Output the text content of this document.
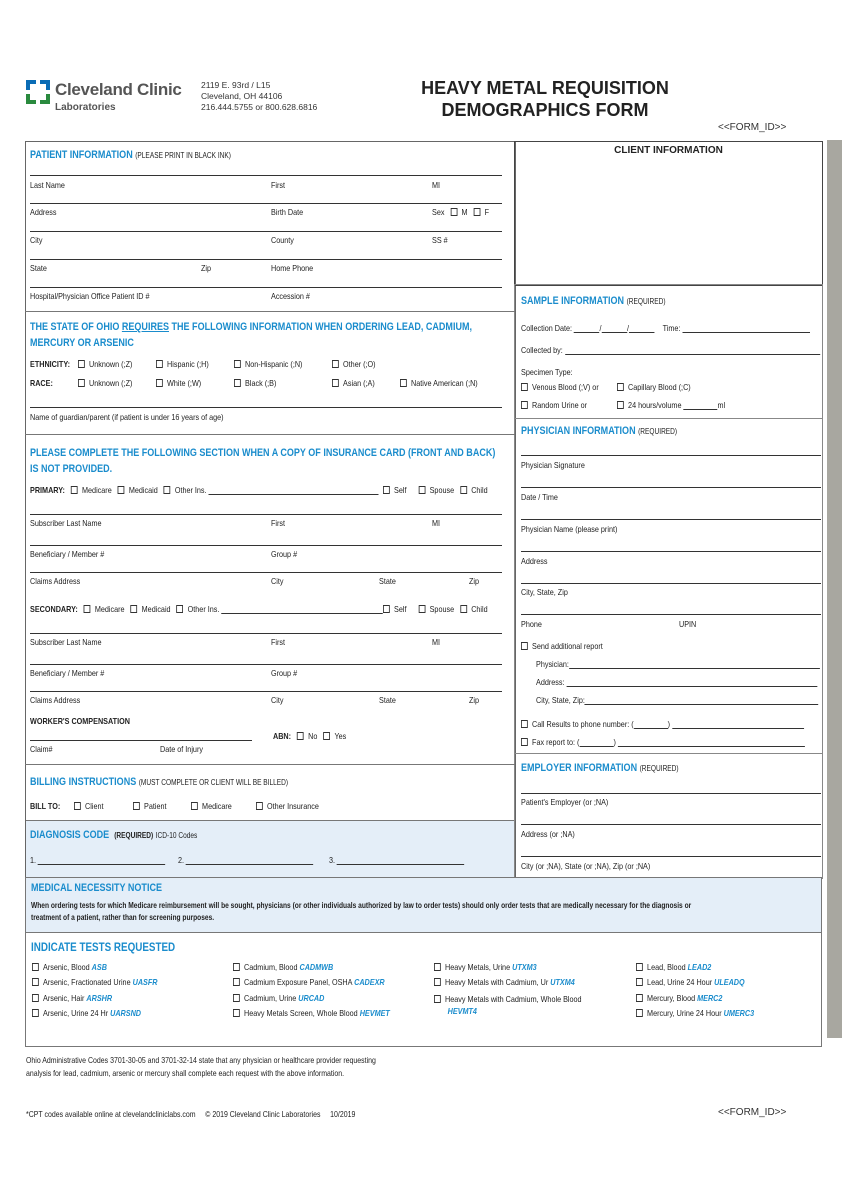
Cleveland Clinic
Laboratories
2119 E. 93rd / L15
Cleveland, OH 44106
216.444.5755 or 800.628.6816
HEAVY METAL REQUISITION
DEMOGRAPHICS FORM
<<FORM_ID>>
CLIENT INFORMATION
PATIENT INFORMATION (PLEASE PRINT IN BLACK INK)
Last Name	First	MI
Address	Birth Date	Sex M F
City	County	SS #
State	Zip	Home Phone
Hospital/Physician Office Patient ID #	Accession #
THE STATE OF OHIO REQUIRES THE FOLLOWING INFORMATION WHEN ORDERING LEAD, CADMIUM,
MERCURY OR ARSENIC
ETHNICITY:	Unknown (;Z)	Hispanic (;H)	Non-Hispanic (;N)	Other (;O)
RACE:	Unknown (;Z)	White (;W)	Black (;B)	Asian (;A)	Native American (;N)
Name of guardian/parent (if patient is under 16 years of age)
PLEASE COMPLETE THE FOLLOWING SECTION WHEN A COPY OF INSURANCE CARD (FRONT AND BACK)
IS NOT PROVIDED.
PRIMARY: Medicare Medicaid Other Ins.	Self	Spouse Child
Subscriber Last Name	First	MI
Beneficiary / Member #	Group #
Claims Address	City	State	Zip
SECONDARY: Medicare Medicaid Other Ins.	Self	Spouse Child
Subscriber Last Name	First	MI
Beneficiary / Member #	Group #
Claims Address	City	State	Zip
WORKER'S COMPENSATION
Claim#	Date of Injury
ABN: No Yes
BILLING INSTRUCTIONS (MUST COMPLETE OR CLIENT WILL BE BILLED)
BILL TO:	Client	Patient	Medicare	Other Insurance
DIAGNOSIS CODE (REQUIRED) ICD-10 Codes
1.	2.	3.
SAMPLE INFORMATION (REQUIRED)
Collection Date:	/	/	Time:
Collected by:
Specimen Type:
Venous Blood (;V) or	Capillary Blood (;C)
Random Urine or	24 hours/volume	ml
PHYSICIAN INFORMATION (REQUIRED)
Physician Signature
Date / Time
Physician Name (please print)
Address
City, State, Zip
Phone	UPIN
Send additional report
Physician:
Address:
City, State, Zip:
Call Results to phone number: (	)
Fax report to: (	)
EMPLOYER INFORMATION (REQUIRED)
Patient's Employer (or ;NA)
Address (or ;NA)
City (or ;NA), State (or ;NA), Zip (or ;NA)
MEDICAL NECESSITY NOTICE
When ordering tests for which Medicare reimbursement will be sought, physicians (or other individuals authorized by law to order tests) should only order tests that are medically necessary for the diagnosis or
treatment of a patient, rather than for screening purposes.
INDICATE TESTS REQUESTED
Arsenic, Blood ASB
Arsenic, Fractionated Urine UASFR
Arsenic, Hair ARSHR
Arsenic, Urine 24 Hr UARSND
Cadmium, Blood CADMWB
Cadmium Exposure Panel, OSHA CADEXR
Cadmium, Urine URCAD
Heavy Metals Screen, Whole Blood HEVMET
Heavy Metals, Urine UTXM3
Heavy Metals with Cadmium, Ur UTXM4
Heavy Metals with Cadmium, Whole Blood
HEVMT4
Lead, Blood LEAD2
Lead, Urine 24 Hour ULEADQ
Mercury, Blood MERC2
Mercury, Urine 24 Hour UMERC3
Ohio Administrative Codes 3701-30-05 and 3701-32-14 state that any physician or healthcare provider requesting
analysis for lead, cadmium, arsenic or mercury shall complete each request with the above information.
*CPT codes available online at clevelandcliniclabs.com © 2019 Cleveland Clinic Laboratories 10/2019	<<FORM_ID>>
